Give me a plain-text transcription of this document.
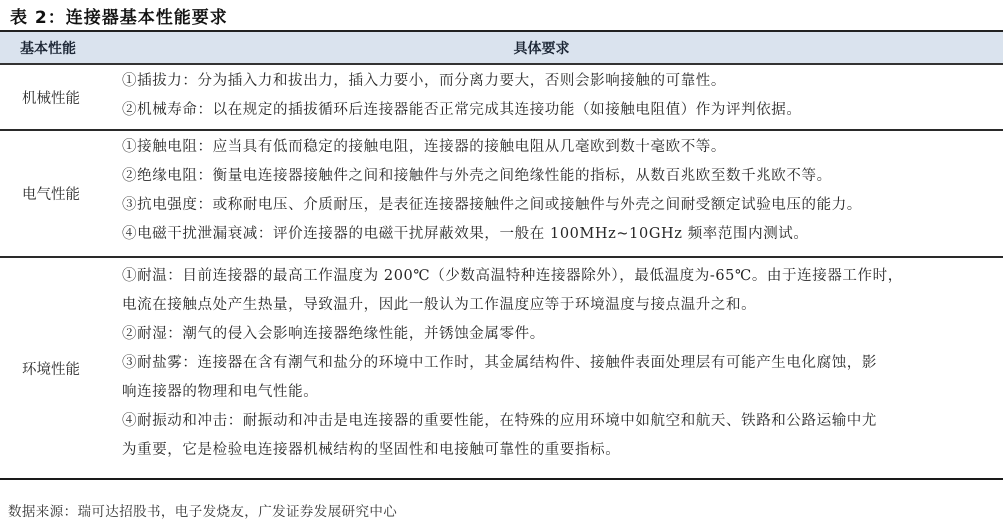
表 2：连接器基本性能要求
基本性能	具体要求
机械性能
①插拔力：分为插入力和拔出力，插入力要小，而分离力要大，否则会影响接触的可靠性。
②机械寿命：以在规定的插拔循环后连接器能否正常完成其连接功能（如接触电阻值）作为评判依据。
电气性能
①接触电阻：应当具有低而稳定的接触电阻，连接器的接触电阻从几毫欧到数十毫欧不等。
②绝缘电阻：衡量电连接器接触件之间和接触件与外壳之间绝缘性能的指标，从数百兆欧至数千兆欧不等。
③抗电强度：或称耐电压、介质耐压，是表征连接器接触件之间或接触件与外壳之间耐受额定试验电压的能力。
④电磁干扰泄漏衰减：评价连接器的电磁干扰屏蔽效果，一般在 100MHz~10GHz 频率范围内测试。
环境性能
①耐温：目前连接器的最高工作温度为 200℃（少数高温特种连接器除外），最低温度为-65℃。由于连接器工作时，
电流在接触点处产生热量，导致温升，因此一般认为工作温度应等于环境温度与接点温升之和。
②耐湿：潮气的侵入会影响连接器绝缘性能，并锈蚀金属零件。
③耐盐雾：连接器在含有潮气和盐分的环境中工作时，其金属结构件、接触件表面处理层有可能产生电化腐蚀，影
响连接器的物理和电气性能。
④耐振动和冲击：耐振动和冲击是电连接器的重要性能，在特殊的应用环境中如航空和航天、铁路和公路运输中尤
为重要，它是检验电连接器机械结构的坚固性和电接触可靠性的重要指标。
数据来源：瑞可达招股书，电子发烧友，广发证券发展研究中心
